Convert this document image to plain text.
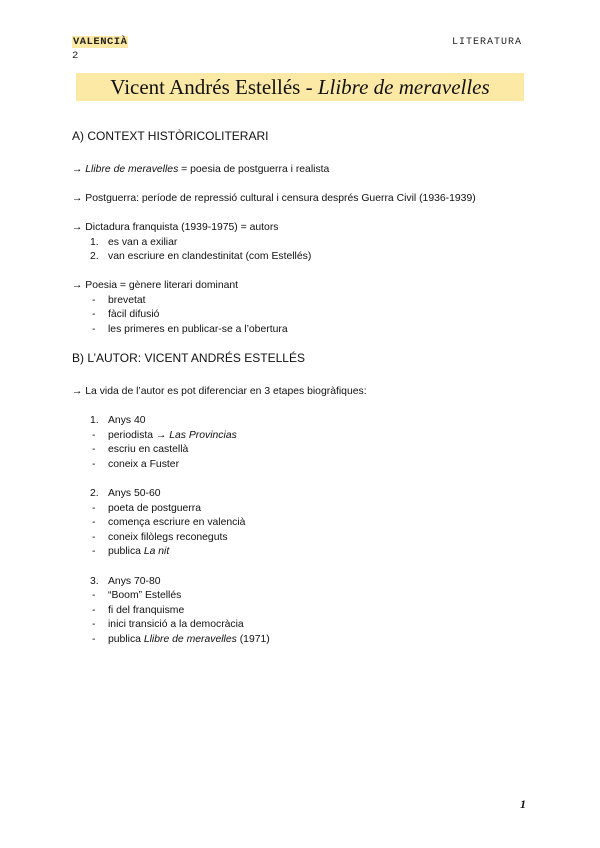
VALENCIÀ
2
LITERATURA
Vicent Andrés Estellés - Llibre de meravelles
A) CONTEXT HISTÒRICOLITERARI
→ Llibre de meravelles = poesia de postguerra i realista
→ Postguerra: període de repressió cultural i censura després Guerra Civil (1936-1939)
→ Dictadura franquista (1939-1975) = autors
1. es van a exiliar
2. van escriure en clandestinitat (com Estellés)
→ Poesia = gènere literari dominant
- brevetat
- fàcil difusió
- les primeres en publicar-se a l’obertura
B) L’AUTOR: VICENT ANDRÉS ESTELLÉS
→ La vida de l’autor es pot diferenciar en 3 etapes biogràfiques:
1. Anys 40
- periodista → Las Provincias
- escriu en castellà
- coneix a Fuster
2. Anys 50-60
- poeta de postguerra
- comença escriure en valencià
- coneix filòlegs reconeguts
- publica La nit
3. Anys 70-80
- “Boom” Estellés
- fi del franquisme
- inici transició a la democràcia
- publica Llibre de meravelles (1971)
1
